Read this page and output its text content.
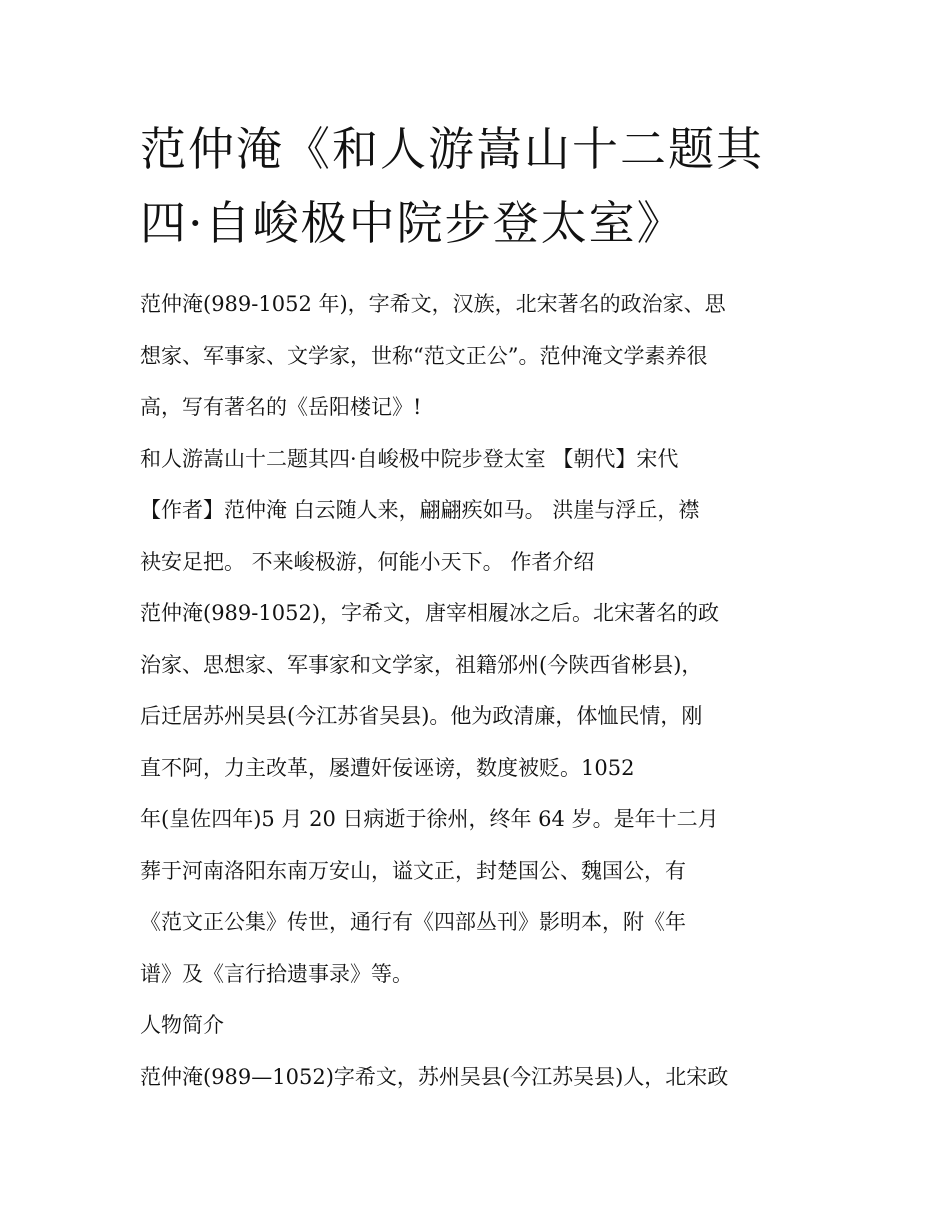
范仲淹《和人游嵩山十二题其
四·自峻极中院步登太室》
范仲淹(989-1052 年)，字希文，汉族，北宋著名的政治家、思
想家、军事家、文学家，世称“范文正公”。范仲淹文学素养很
高，写有著名的《岳阳楼记》!
和人游嵩山十二题其四·自峻极中院步登太室 【朝代】宋代
【作者】范仲淹 白云随人来，翩翩疾如马。 洪崖与浮丘，襟
袂安足把。 不来峻极游，何能小天下。 作者介绍
范仲淹(989-1052)，字希文，唐宰相履冰之后。北宋著名的政
治家、思想家、军事家和文学家，祖籍邠州(今陕西省彬县)，
后迁居苏州吴县(今江苏省吴县)。他为政清廉，体恤民情，刚
直不阿，力主改革，屡遭奸佞诬谤，数度被贬。1052
年(皇佐四年)5 月 20 日病逝于徐州，终年 64 岁。是年十二月
葬于河南洛阳东南万安山，谥文正，封楚国公、魏国公，有
《范文正公集》传世，通行有《四部丛刊》影明本，附《年
谱》及《言行拾遗事录》等。
人物简介
范仲淹(989—1052)字希文，苏州吴县(今江苏吴县)人，北宋政
